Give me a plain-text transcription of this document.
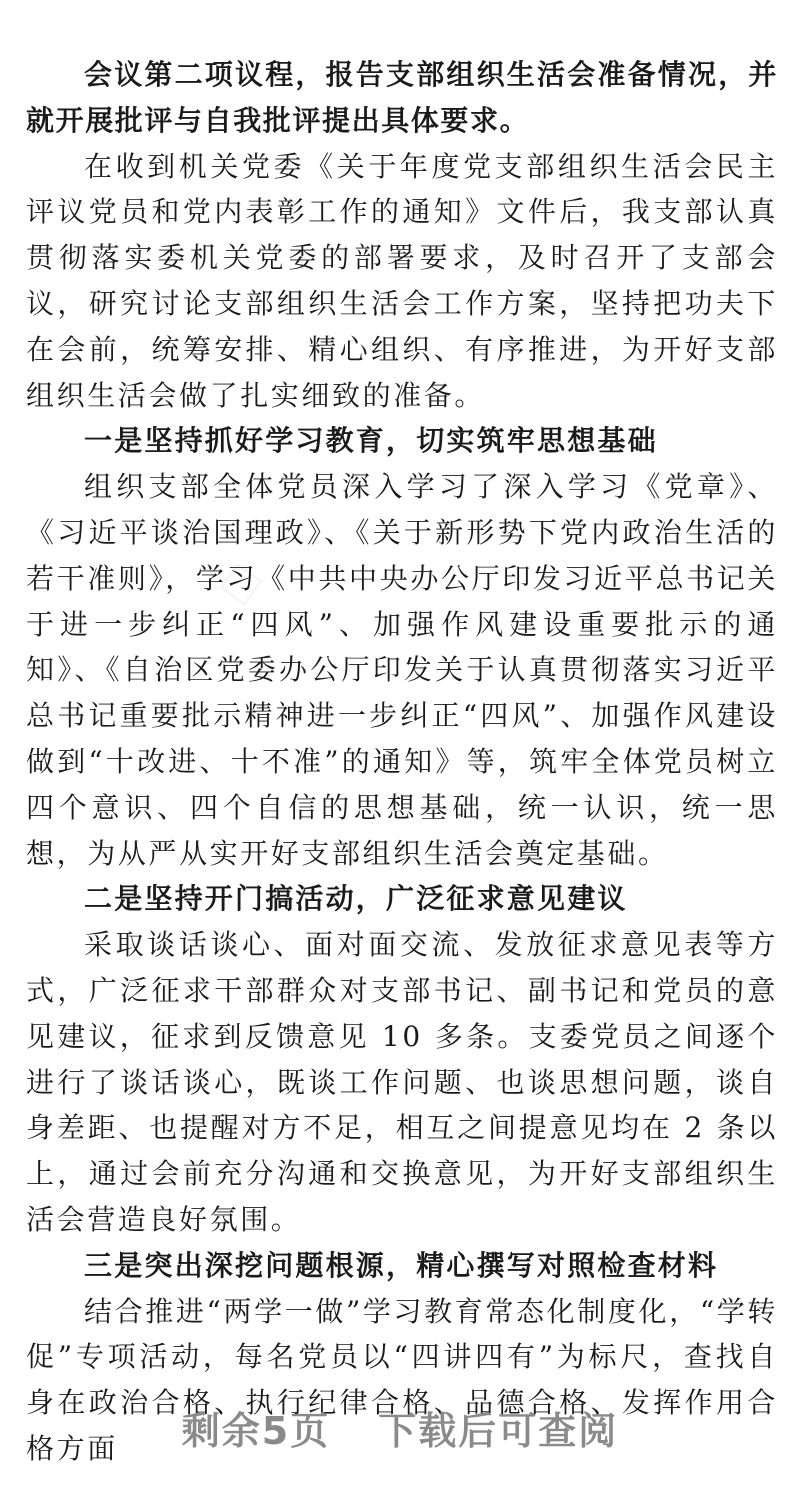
会议第二项议程，报告支部组织生活会准备情况，并就开展批评与自我批评提出具体要求。

在收到机关党委《关于年度党支部组织生活会民主评议党员和党内表彰工作的通知》文件后，我支部认真贯彻落实委机关党委的部署要求，及时召开了支部会议，研究讨论支部组织生活会工作方案，坚持把功夫下在会前，统筹安排、精心组织、有序推进，为开好支部组织生活会做了扎实细致的准备。

一是坚持抓好学习教育，切实筑牢思想基础

组织支部全体党员深入学习了深入学习《党章》、《习近平谈治国理政》、《关于新形势下党内政治生活的若干准则》，学习《中共中央办公厅印发习近平总书记关于进一步纠正“四风”、加强作风建设重要批示的通知》、《自治区党委办公厅印发关于认真贯彻落实习近平总书记重要批示精神进一步纠正“四风”、加强作风建设做到“十改进、十不准”的通知》等，筑牢全体党员树立四个意识、四个自信的思想基础，统一认识，统一思想，为从严从实开好支部组织生活会奠定基础。

二是坚持开门搞活动，广泛征求意见建议

采取谈话谈心、面对面交流、发放征求意见表等方式，广泛征求干部群众对支部书记、副书记和党员的意见建议，征求到反馈意见 10 多条。支委党员之间逐个进行了谈话谈心，既谈工作问题、也谈思想问题，谈自身差距、也提醒对方不足，相互之间提意见均在 2 条以上，通过会前充分沟通和交换意见，为开好支部组织生活会营造良好氛围。

三是突出深挖问题根源，精心撰写对照检查材料

结合推进“两学一做”学习教育常态化制度化，“学转促”专项活动，每名党员以“四讲四有”为标尺，查找自身在政治合格、执行纪律合格、品德合格、发挥作用合格方面	剩余5页 下载后可查阅
